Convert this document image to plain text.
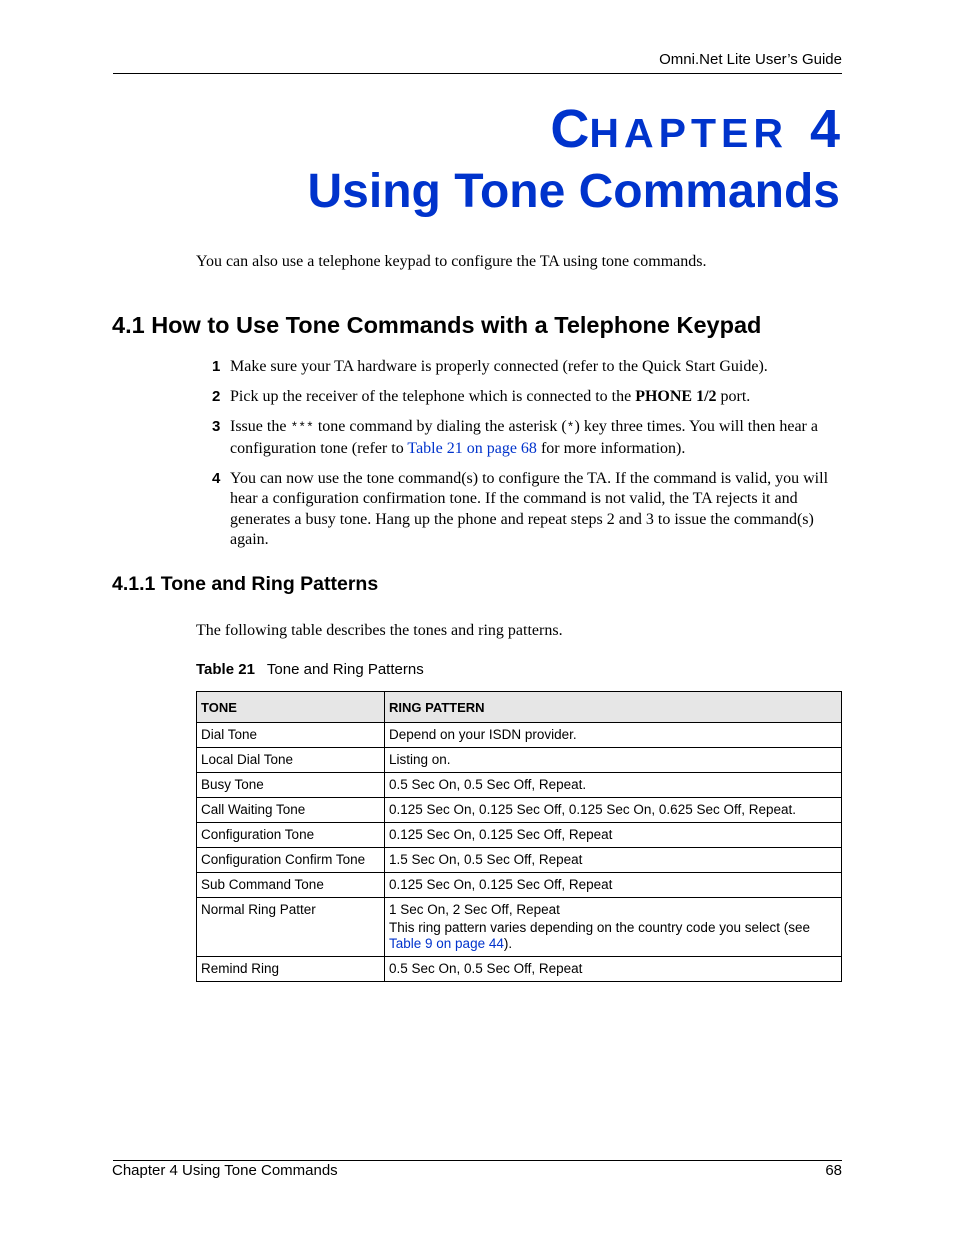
Omni.Net Lite User’s Guide
CHAPTER 4
Using Tone Commands
You can also use a telephone keypad to configure the TA using tone commands.
4.1 How to Use Tone Commands with a Telephone Keypad
1 Make sure your TA hardware is properly connected (refer to the Quick Start Guide).
2 Pick up the receiver of the telephone which is connected to the PHONE 1/2 port.
3 Issue the *** tone command by dialing the asterisk (*) key three times. You will then hear a configuration tone (refer to Table 21 on page 68 for more information).
4 You can now use the tone command(s) to configure the TA. If the command is valid, you will hear a configuration confirmation tone. If the command is not valid, the TA rejects it and generates a busy tone. Hang up the phone and repeat steps 2 and 3 to issue the command(s) again.
4.1.1 Tone and Ring Patterns
The following table describes the tones and ring patterns.
Table 21 Tone and Ring Patterns
TONE	RING PATTERN
Dial Tone	Depend on your ISDN provider.
Local Dial Tone	Listing on.
Busy Tone	0.5 Sec On, 0.5 Sec Off, Repeat.
Call Waiting Tone	0.125 Sec On, 0.125 Sec Off, 0.125 Sec On, 0.625 Sec Off, Repeat.
Configuration Tone	0.125 Sec On, 0.125 Sec Off, Repeat
Configuration Confirm Tone	1.5 Sec On, 0.5 Sec Off, Repeat
Sub Command Tone	0.125 Sec On, 0.125 Sec Off, Repeat
Normal Ring Patter	1 Sec On, 2 Sec Off, Repeat
This ring pattern varies depending on the country code you select (see Table 9 on page 44).

Remind Ring	0.5 Sec On, 0.5 Sec Off, Repeat
Chapter 4 Using Tone Commands	68
